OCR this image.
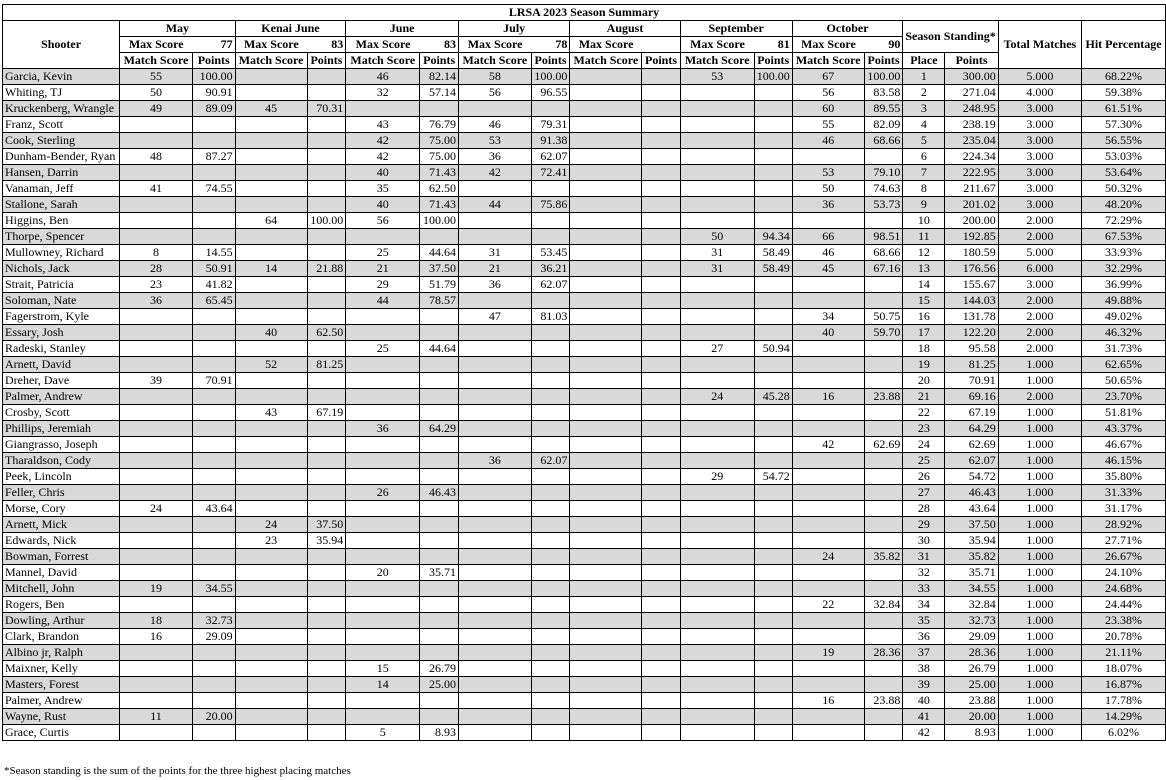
LRSA 2023 Season Summary																		
Shooter	May		Kenai June		June		July		August		September		October		Season Standing*		Total Matches	Hit Percentage
	Max Score	77	Max Score	83	Max Score	83	Max Score	78	Max Score		Max Score	81	Max Score	90				
	Match Score	Points	Match Score	Points	Match Score	Points	Match Score	Points	Match Score	Points	Match Score	Points	Match Score	Points	Place	Points		
Garcia, Kevin	55	100.00			46	82.14	58	100.00			53	100.00	67	100.00	1	300.00	5.000	68.22%
Whiting, TJ	50	90.91			32	57.14	56	96.55					56	83.58	2	271.04	4.000	59.38%
Kruckenberg, Wrangle	49	89.09	45	70.31									60	89.55	3	248.95	3.000	61.51%
Franz, Scott					43	76.79	46	79.31					55	82.09	4	238.19	3.000	57.30%
Cook, Sterling					42	75.00	53	91.38					46	68.66	5	235.04	3.000	56.55%
Dunham-Bender, Ryan	48	87.27			42	75.00	36	62.07							6	224.34	3.000	53.03%
Hansen, Darrin					40	71.43	42	72.41					53	79.10	7	222.95	3.000	53.64%
Vanaman, Jeff	41	74.55			35	62.50							50	74.63	8	211.67	3.000	50.32%
Stallone, Sarah					40	71.43	44	75.86					36	53.73	9	201.02	3.000	48.20%
Higgins, Ben			64	100.00	56	100.00									10	200.00	2.000	72.29%
Thorpe, Spencer											50	94.34	66	98.51	11	192.85	2.000	67.53%
Mullowney, Richard	8	14.55			25	44.64	31	53.45			31	58.49	46	68.66	12	180.59	5.000	33.93%
Nichols, Jack	28	50.91	14	21.88	21	37.50	21	36.21			31	58.49	45	67.16	13	176.56	6.000	32.29%
Strait, Patricia	23	41.82			29	51.79	36	62.07							14	155.67	3.000	36.99%
Soloman, Nate	36	65.45			44	78.57									15	144.03	2.000	49.88%
Fagerstrom, Kyle							47	81.03					34	50.75	16	131.78	2.000	49.02%
Essary, Josh			40	62.50									40	59.70	17	122.20	2.000	46.32%
Radeski, Stanley					25	44.64					27	50.94			18	95.58	2.000	31.73%
Arnett, David			52	81.25											19	81.25	1.000	62.65%
Dreher, Dave	39	70.91													20	70.91	1.000	50.65%
Palmer, Andrew											24	45.28	16	23.88	21	69.16	2.000	23.70%
Crosby, Scott			43	67.19											22	67.19	1.000	51.81%
Phillips, Jeremiah					36	64.29									23	64.29	1.000	43.37%
Giangrasso, Joseph													42	62.69	24	62.69	1.000	46.67%
Tharaldson, Cody							36	62.07							25	62.07	1.000	46.15%
Peek, Lincoln											29	54.72			26	54.72	1.000	35.80%
Feller, Chris					26	46.43									27	46.43	1.000	31.33%
Morse, Cory	24	43.64													28	43.64	1.000	31.17%
Arnett, Mick			24	37.50											29	37.50	1.000	28.92%
Edwards, Nick			23	35.94											30	35.94	1.000	27.71%
Bowman, Forrest													24	35.82	31	35.82	1.000	26.67%
Mannel, David					20	35.71									32	35.71	1.000	24.10%
Mitchell, John	19	34.55													33	34.55	1.000	24.68%
Rogers, Ben													22	32.84	34	32.84	1.000	24.44%
Dowling, Arthur	18	32.73													35	32.73	1.000	23.38%
Clark, Brandon	16	29.09													36	29.09	1.000	20.78%
Albino jr, Ralph													19	28.36	37	28.36	1.000	21.11%
Maixner, Kelly					15	26.79									38	26.79	1.000	18.07%
Masters, Forest					14	25.00									39	25.00	1.000	16.87%
Palmer, Andrew													16	23.88	40	23.88	1.000	17.78%
Wayne, Rust	11	20.00													41	20.00	1.000	14.29%
Grace, Curtis					5	8.93									42	8.93	1.000	6.02%
*Season standing is the sum of the points for the three highest placing matches
